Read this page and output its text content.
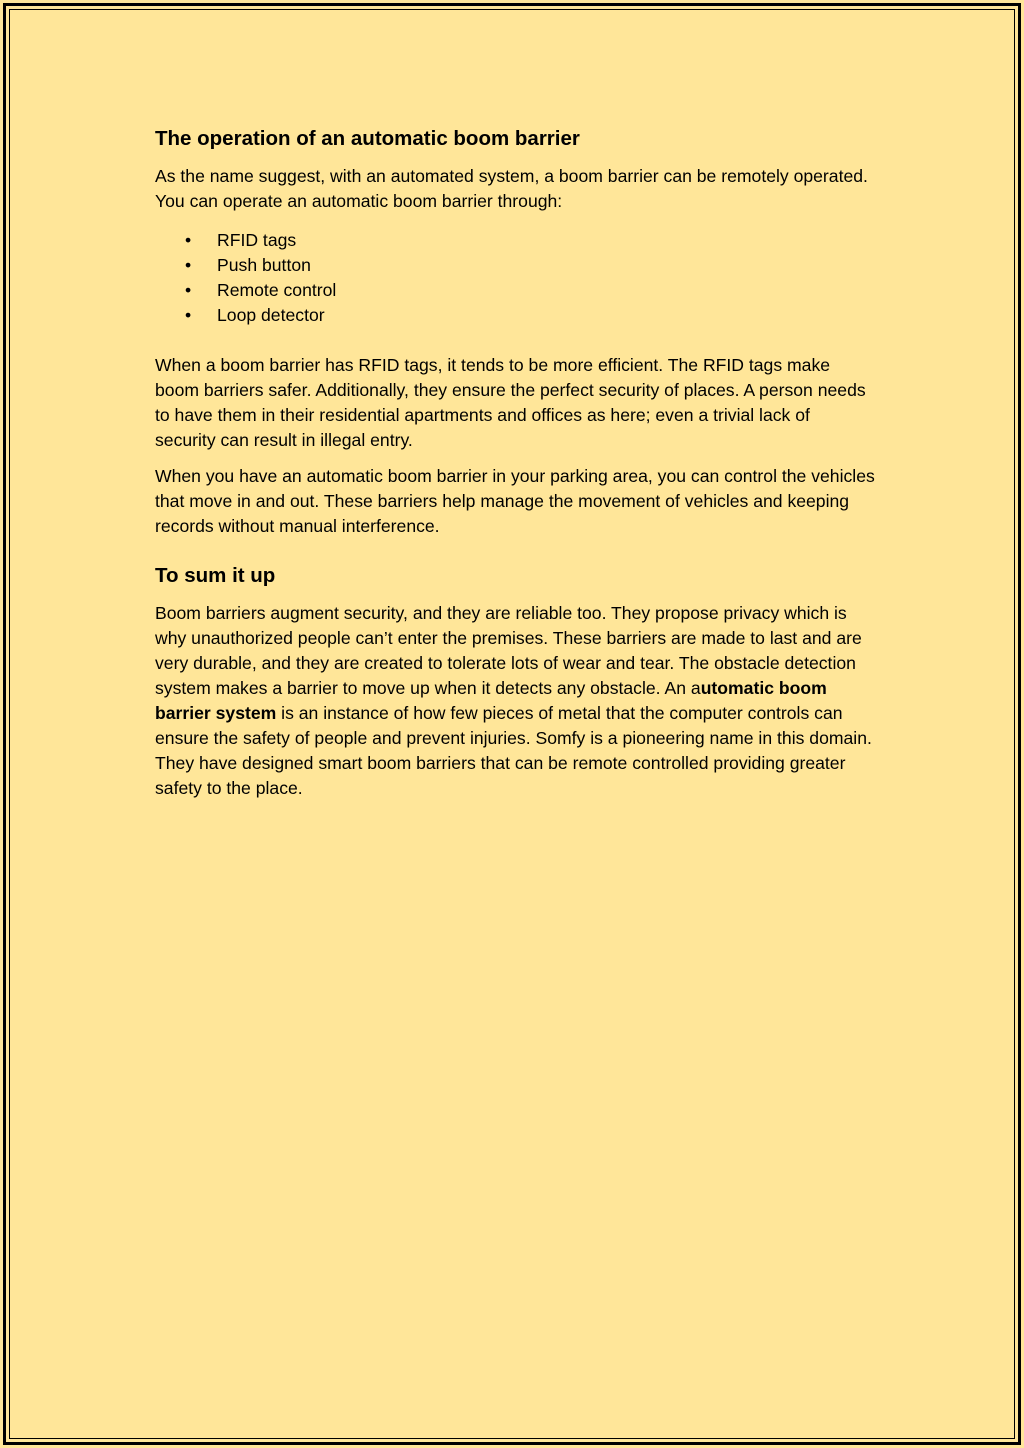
The operation of an automatic boom barrier

As the name suggest, with an automated system, a boom barrier can be remotely operated. You can operate an automatic boom barrier through:

• RFID tags
• Push button
• Remote control
• Loop detector

When a boom barrier has RFID tags, it tends to be more efficient. The RFID tags make boom barriers safer. Additionally, they ensure the perfect security of places. A person needs to have them in their residential apartments and offices as here; even a trivial lack of security can result in illegal entry.

When you have an automatic boom barrier in your parking area, you can control the vehicles that move in and out. These barriers help manage the movement of vehicles and keeping records without manual interference.

To sum it up

Boom barriers augment security, and they are reliable too. They propose privacy which is why unauthorized people can’t enter the premises. These barriers are made to last and are very durable, and they are created to tolerate lots of wear and tear. The obstacle detection system makes a barrier to move up when it detects any obstacle. An automatic boom barrier system is an instance of how few pieces of metal that the computer controls can ensure the safety of people and prevent injuries. Somfy is a pioneering name in this domain. They have designed smart boom barriers that can be remote controlled providing greater safety to the place.
